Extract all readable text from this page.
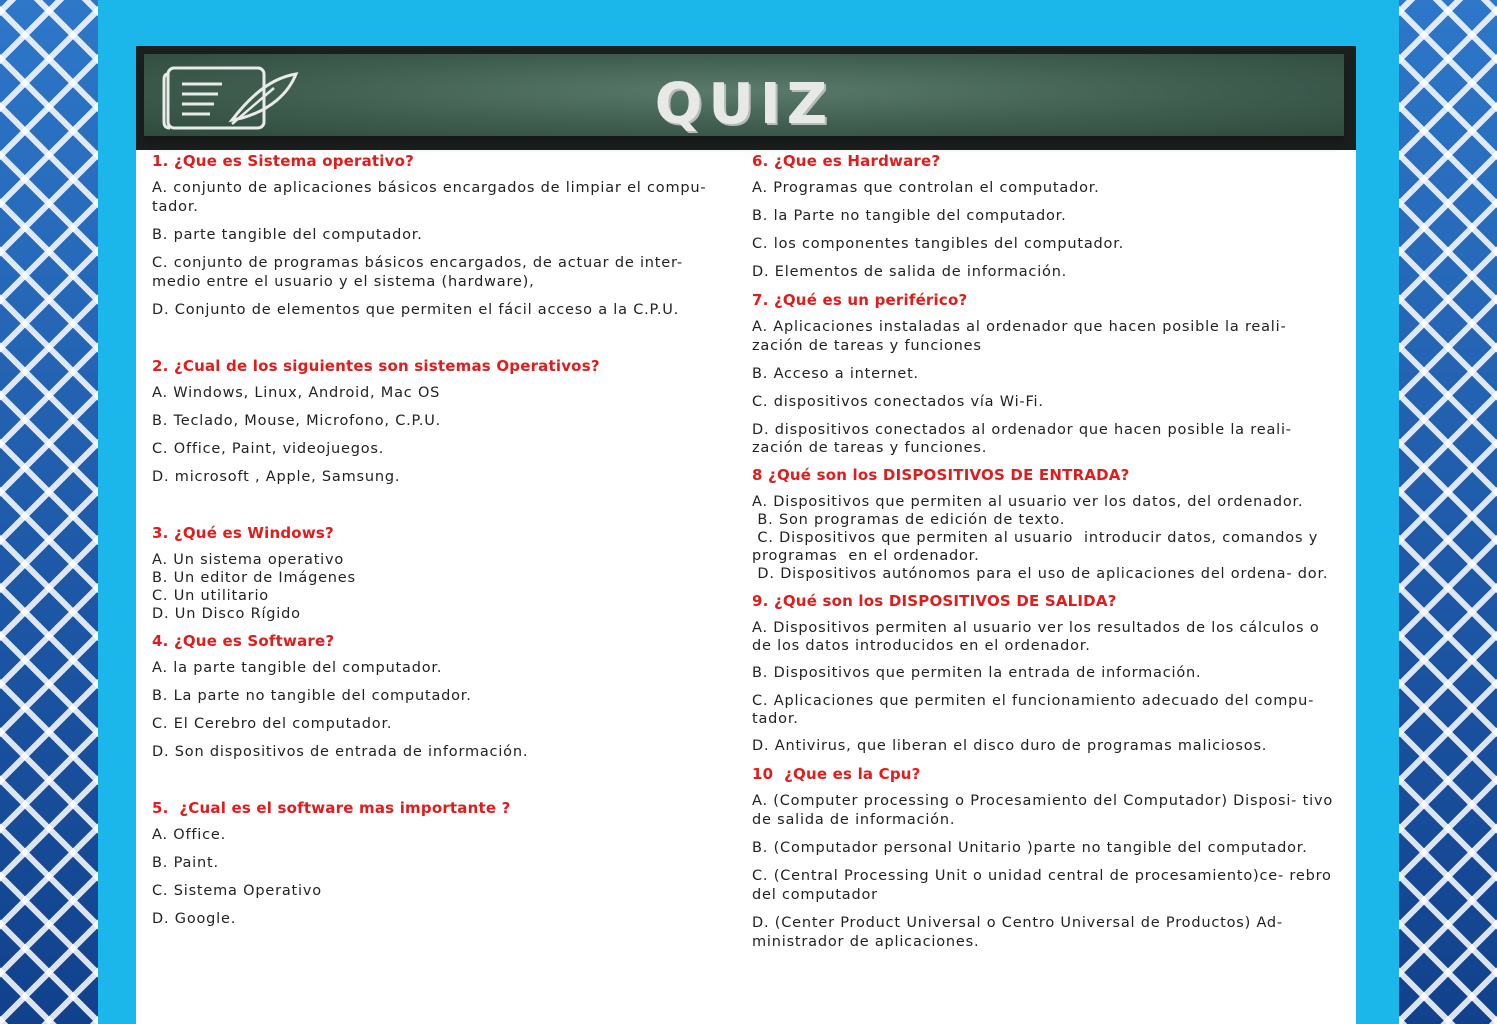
QUIZ
1. ¿Que es Sistema operativo?
A. conjunto de aplicaciones básicos encargados de limpiar el compu- tador.
B. parte tangible del computador.
C. conjunto de programas básicos encargados, de actuar de inter- medio entre el usuario y el sistema (hardware),
D. Conjunto de elementos que permiten el fácil acceso a la C.P.U.
2. ¿Cual de los siguientes son sistemas Operativos?
A. Windows, Linux, Android, Mac OS
B. Teclado, Mouse, Microfono, C.P.U.
C. Office, Paint, videojuegos.
D. microsoft , Apple, Samsung.
3. ¿Qué es Windows?
A. Un sistema operativo
B. Un editor de Imágenes
C. Un utilitario
D. Un Disco Rígido
4. ¿Que es Software?
A. la parte tangible del computador.
B. La parte no tangible del computador.
C. El Cerebro del computador.
D. Son dispositivos de entrada de información.
5.  ¿Cual es el software mas importante ?
A. Office.
B. Paint.
C. Sistema Operativo
D. Google.
6. ¿Que es Hardware?
A. Programas que controlan el computador.
B. la Parte no tangible del computador.
C. los componentes tangibles del computador.
D. Elementos de salida de información.
7. ¿Qué es un periférico?
A. Aplicaciones instaladas al ordenador que hacen posible la reali- zación de tareas y funciones
B. Acceso a internet.
C. dispositivos conectados vía Wi-Fi.
D. dispositivos conectados al ordenador que hacen posible la reali- zación de tareas y funciones.
8 ¿Qué son los DISPOSITIVOS DE ENTRADA?
A. Dispositivos que permiten al usuario ver los datos, del ordenador.
B. Son programas de edición de texto.
C. Dispositivos que permiten al usuario  introducir datos, comandos y programas  en el ordenador.
D. Dispositivos autónomos para el uso de aplicaciones del ordena- dor.
9. ¿Qué son los DISPOSITIVOS DE SALIDA?
A. Dispositivos permiten al usuario ver los resultados de los cálculos o de los datos introducidos en el ordenador.
B. Dispositivos que permiten la entrada de información.
C. Aplicaciones que permiten el funcionamiento adecuado del compu- tador.
D. Antivirus, que liberan el disco duro de programas maliciosos.
10  ¿Que es la Cpu?
A. (Computer processing o Procesamiento del Computador) Disposi- tivo de salida de información.
B. (Computador personal Unitario )parte no tangible del computador.
C. (Central Processing Unit o unidad central de procesamiento)ce- rebro del computador
D. (Center Product Universal o Centro Universal de Productos) Ad- ministrador de aplicaciones.
